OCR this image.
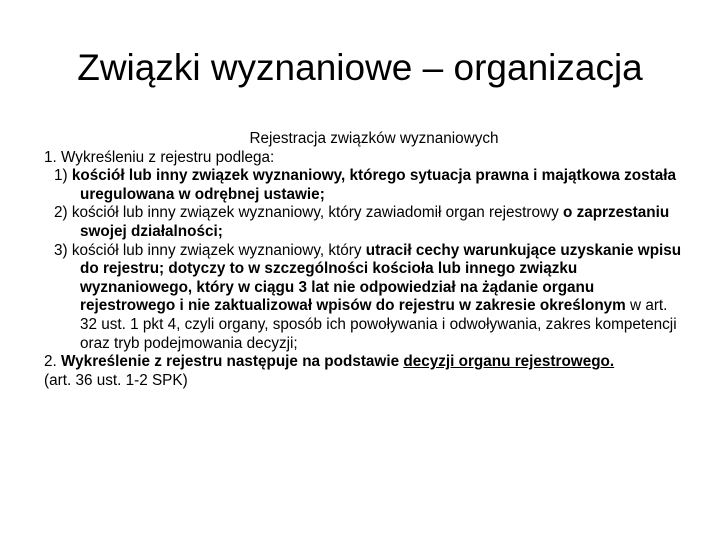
Związki wyznaniowe – organizacja
Rejestracja związków wyznaniowych
1. Wykreśleniu z rejestru podlega:
1) kościół lub inny związek wyznaniowy, którego sytuacja prawna i majątkowa została uregulowana w odrębnej ustawie;
2) kościół lub inny związek wyznaniowy, który zawiadomił organ rejestrowy o zaprzestaniu swojej działalności;
3) kościół lub inny związek wyznaniowy, który utracił cechy warunkujące uzyskanie wpisu do rejestru; dotyczy to w szczególności kościoła lub innego związku wyznaniowego, który w ciągu 3 lat nie odpowiedział na żądanie organu rejestrowego i nie zaktualizował wpisów do rejestru w zakresie określonym w art. 32 ust. 1 pkt 4, czyli organy, sposób ich powoływania i odwoływania, zakres kompetencji oraz tryb podejmowania decyzji;
2. Wykreślenie z rejestru następuje na podstawie decyzji organu rejestrowego.
(art. 36 ust. 1-2 SPK)
